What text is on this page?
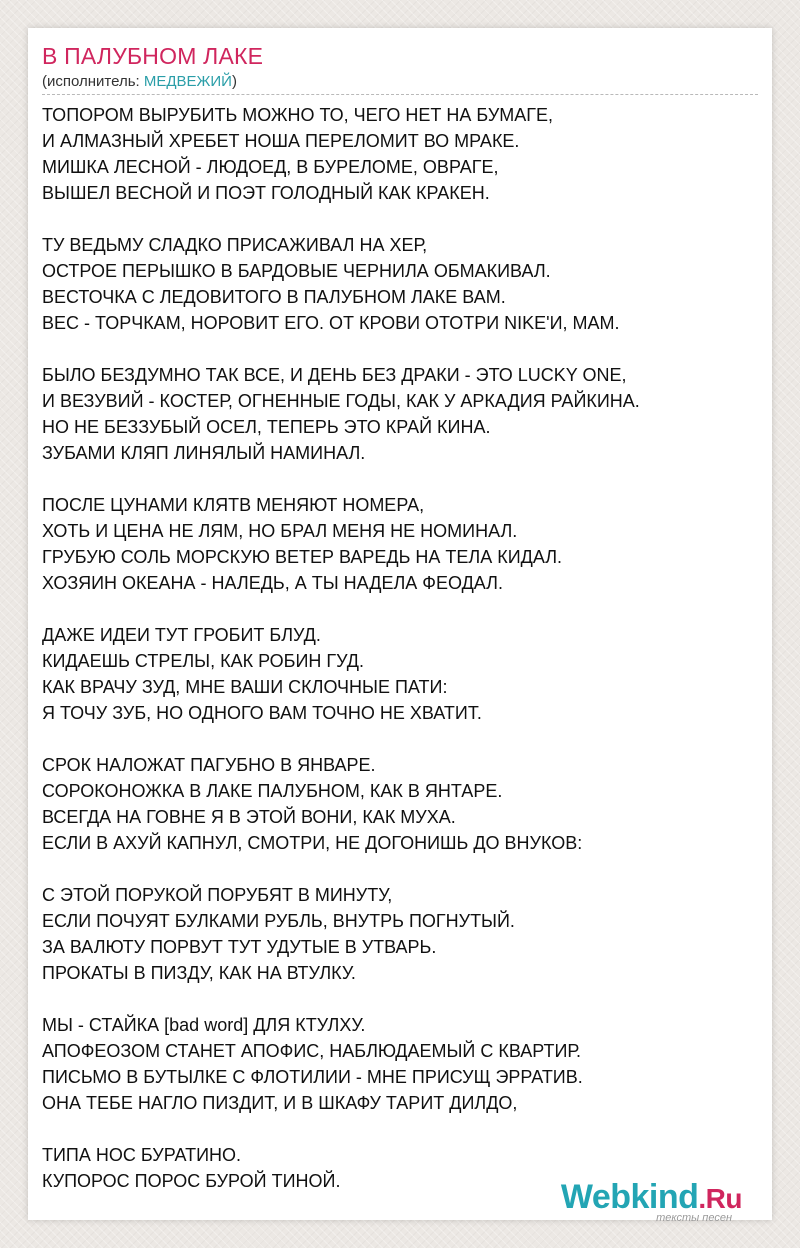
В ПАЛУБНОМ ЛАКЕ
(исполнитель: МЕДВЕЖИЙ)
ТОПОРОМ ВЫРУБИТЬ МОЖНО ТО, ЧЕГО НЕТ НА БУМАГЕ,
И АЛМАЗНЫЙ ХРЕБЕТ НОША ПЕРЕЛОМИТ ВО МРАКЕ.
МИШКА ЛЕСНОЙ - ЛЮДОЕД, В БУРЕЛОМЕ, ОВРАГЕ,
ВЫШЕЛ ВЕСНОЙ И ПОЭТ ГОЛОДНЫЙ КАК КРАКЕН.
ТУ ВЕДЬМУ СЛАДКО ПРИСАЖИВАЛ НА ХЕР,
ОСТРОЕ ПЕРЫШКО В БАРДОВЫЕ ЧЕРНИЛА ОБМАКИВАЛ.
ВЕСТОЧКА С ЛЕДОВИТОГО В ПАЛУБНОМ ЛАКЕ ВАМ.
ВЕС - ТОРЧКАМ, НОРОВИТ ЕГО. ОТ КРОВИ ОТОТРИ NIKE'И, МАМ.
БЫЛО БЕЗДУМНО ТАК ВСЕ, И ДЕНЬ БЕЗ ДРАКИ - ЭТО LUCKY ONE,
И ВЕЗУВИЙ - КОСТЕР, ОГНЕННЫЕ ГОДЫ, КАК У АРКАДИЯ РАЙКИНА.
НО НЕ БЕЗЗУБЫЙ ОСЕЛ, ТЕПЕРЬ ЭТО КРАЙ КИНА.
ЗУБАМИ КЛЯП ЛИНЯЛЫЙ НАМИНАЛ.
ПОСЛЕ ЦУНАМИ КЛЯТВ МЕНЯЮТ НОМЕРА,
ХОТЬ И ЦЕНА НЕ ЛЯМ, НО БРАЛ МЕНЯ НЕ НОМИНАЛ.
ГРУБУЮ СОЛЬ МОРСКУЮ ВЕТЕР ВАРЕДЬ НА ТЕЛА КИДАЛ.
ХОЗЯИН ОКЕАНА - НАЛЕДЬ, А ТЫ НАДЕЛА ФЕОДАЛ.
ДАЖЕ ИДЕИ ТУТ ГРОБИТ БЛУД.
КИДАЕШЬ СТРЕЛЫ, КАК РОБИН ГУД.
КАК ВРАЧУ ЗУД, МНЕ ВАШИ СКЛОЧНЫЕ ПАТИ:
Я ТОЧУ ЗУБ, НО ОДНОГО ВАМ ТОЧНО НЕ ХВАТИТ.
СРОК НАЛОЖАТ ПАГУБНО В ЯНВАРЕ.
СОРОКОНОЖКА В ЛАКЕ ПАЛУБНОМ, КАК В ЯНТАРЕ.
ВСЕГДА НА ГОВНЕ Я В ЭТОЙ ВОНИ, КАК МУХА.
ЕСЛИ В АХУЙ КАПНУЛ, СМОТРИ, НЕ ДОГОНИШЬ ДО ВНУКОВ:
С ЭТОЙ ПОРУКОЙ ПОРУБЯТ В МИНУТУ,
ЕСЛИ ПОЧУЯТ БУЛКАМИ РУБЛЬ, ВНУТРЬ ПОГНУТЫЙ.
ЗА ВАЛЮТУ ПОРВУТ ТУТ УДУТЫЕ В УТВАРЬ.
ПРОКАТЫ В ПИЗДУ, КАК НА ВТУЛКУ.
МЫ - СТАЙКА [bad word] ДЛЯ КТУЛХУ.
АПОФЕОЗОМ СТАНЕТ АПОФИС, НАБЛЮДАЕМЫЙ С КВАРТИР.
ПИСЬМО В БУТЫЛКЕ С ФЛОТИЛИИ - МНЕ ПРИСУЩ ЭРРАТИВ.
ОНА ТЕБЕ НАГЛО ПИЗДИТ, И В ШКАФУ ТАРИТ ДИЛДО,
ТИПА НОС БУРАТИНО.
КУПОРОС ПОРОС БУРОЙ ТИНОЙ.	Webkind.Ru
тексты песен
